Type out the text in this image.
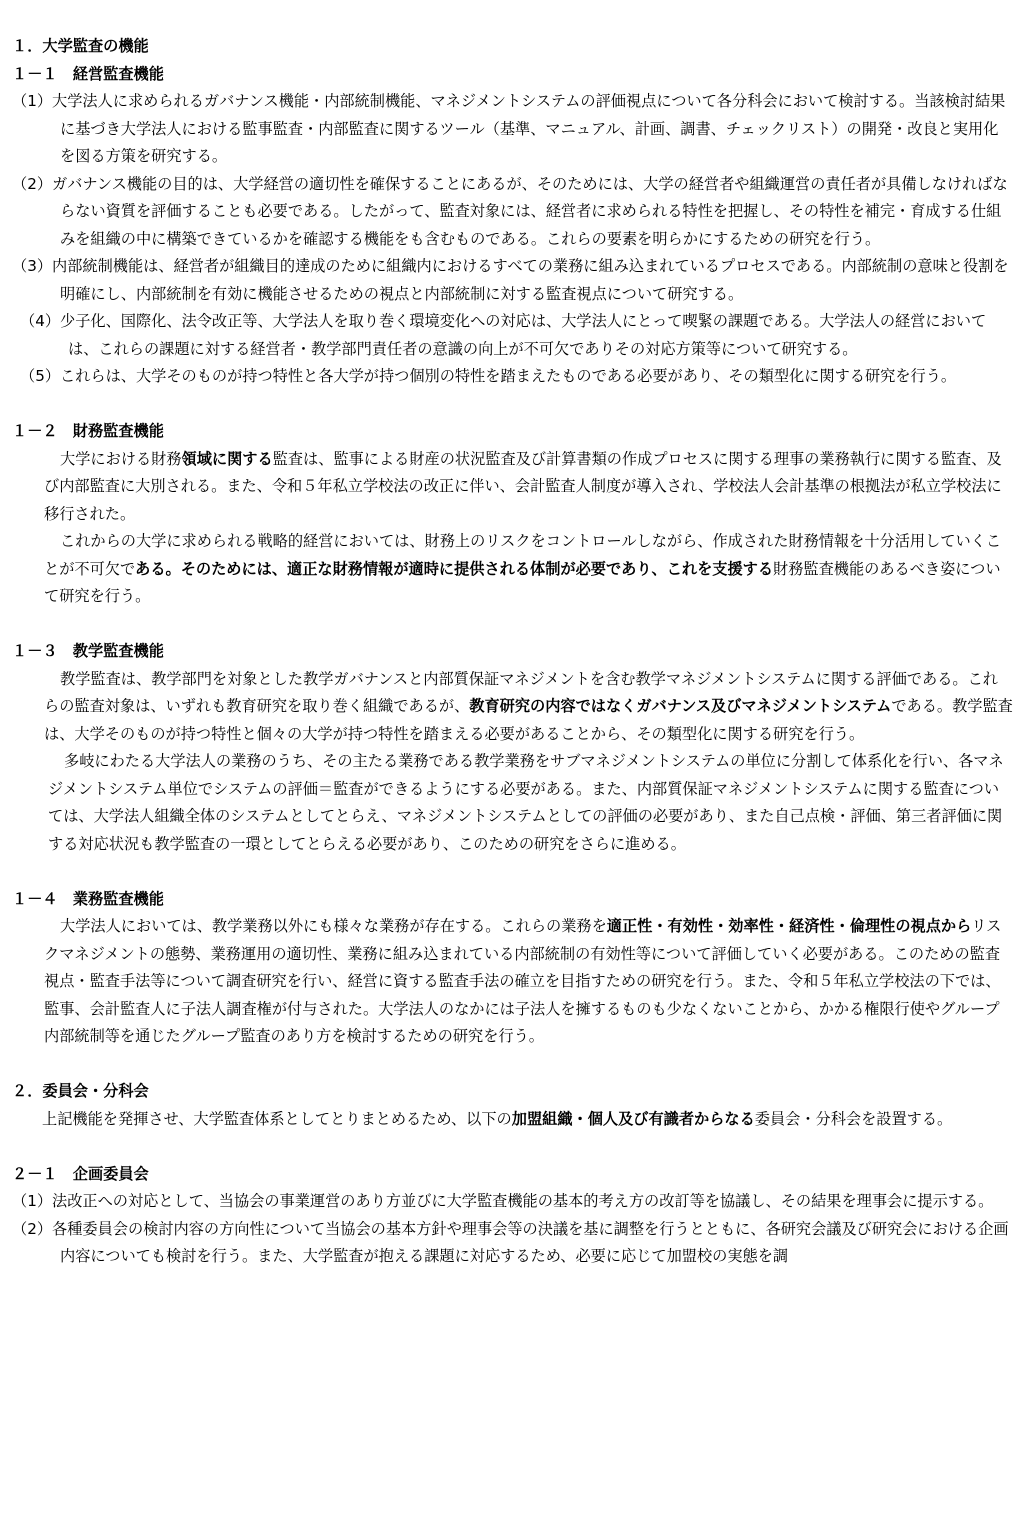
１．大学監査の機能

１－１　経営監査機能

（1）大学法人に求められるガバナンス機能・内部統制機能、マネジメントシステムの評価視点について各分科会において検討する。当該検討結果に基づき大学法人における監事監査・内部監査に関するツール（基準、マニュアル、計画、調書、チェックリスト）の開発・改良と実用化を図る方策を研究する。

（2）ガバナンス機能の目的は、大学経営の適切性を確保することにあるが、そのためには、大学の経営者や組織運営の責任者が具備しなければならない資質を評価することも必要である。したがって、監査対象には、経営者に求められる特性を把握し、その特性を補完・育成する仕組みを組織の中に構築できているかを確認する機能をも含むものである。これらの要素を明らかにするための研究を行う。

（3）内部統制機能は、経営者が組織目的達成のために組織内におけるすべての業務に組み込まれているプロセスである。内部統制の意味と役割を明確にし、内部統制を有効に機能させるための視点と内部統制に対する監査視点について研究する。

（4）少子化、国際化、法令改正等、大学法人を取り巻く環境変化への対応は、大学法人にとって喫緊の課題である。大学法人の経営においては、これらの課題に対する経営者・教学部門責任者の意識の向上が不可欠でありその対応方策等について研究する。

（5）これらは、大学そのものが持つ特性と各大学が持つ個別の特性を踏まえたものである必要があり、その類型化に関する研究を行う。

１－２　財務監査機能

大学における財務領域に関する監査は、監事による財産の状況監査及び計算書類の作成プロセスに関する理事の業務執行に関する監査、及び内部監査に大別される。また、令和５年私立学校法の改正に伴い、会計監査人制度が導入され、学校法人会計基準の根拠法が私立学校法に移行された。

これからの大学に求められる戦略的経営においては、財務上のリスクをコントロールしながら、作成された財務情報を十分活用していくことが不可欠である。そのためには、適正な財務情報が適時に提供される体制が必要であり、これを支援する財務監査機能のあるべき姿について研究を行う。

１－３　教学監査機能

教学監査は、教学部門を対象とした教学ガバナンスと内部質保証マネジメントを含む教学マネジメントシステムに関する評価である。これらの監査対象は、いずれも教育研究を取り巻く組織であるが、教育研究の内容ではなくガバナンス及びマネジメントシステムである。教学監査は、大学そのものが持つ特性と個々の大学が持つ特性を踏まえる必要があることから、その類型化に関する研究を行う。

多岐にわたる大学法人の業務のうち、その主たる業務である教学業務をサブマネジメントシステムの単位に分割して体系化を行い、各マネジメントシステム単位でシステムの評価＝監査ができるようにする必要がある。また、内部質保証マネジメントシステムに関する監査については、大学法人組織全体のシステムとしてとらえ、マネジメントシステムとしての評価の必要があり、また自己点検・評価、第三者評価に関する対応状況も教学監査の一環としてとらえる必要があり、このための研究をさらに進める。

１－４　業務監査機能

大学法人においては、教学業務以外にも様々な業務が存在する。これらの業務を適正性・有効性・効率性・経済性・倫理性の視点からリスクマネジメントの態勢、業務運用の適切性、業務に組み込まれている内部統制の有効性等について評価していく必要がある。このための監査視点・監査手法等について調査研究を行い、経営に資する監査手法の確立を目指すための研究を行う。また、令和５年私立学校法の下では、監事、会計監査人に子法人調査権が付与された。大学法人のなかには子法人を擁するものも少なくないことから、かかる権限行使やグループ内部統制等を通じたグループ監査のあり方を検討するための研究を行う。

２．委員会・分科会

上記機能を発揮させ、大学監査体系としてとりまとめるため、以下の加盟組織・個人及び有識者からなる委員会・分科会を設置する。

２－１　企画委員会

（1）法改正への対応として、当協会の事業運営のあり方並びに大学監査機能の基本的考え方の改訂等を協議し、その結果を理事会に提示する。

（2）各種委員会の検討内容の方向性について当協会の基本方針や理事会等の決議を基に調整を行うとともに、各研究会議及び研究会における企画内容についても検討を行う。また、大学監査が抱える課題に対応するため、必要に応じて加盟校の実態を調
